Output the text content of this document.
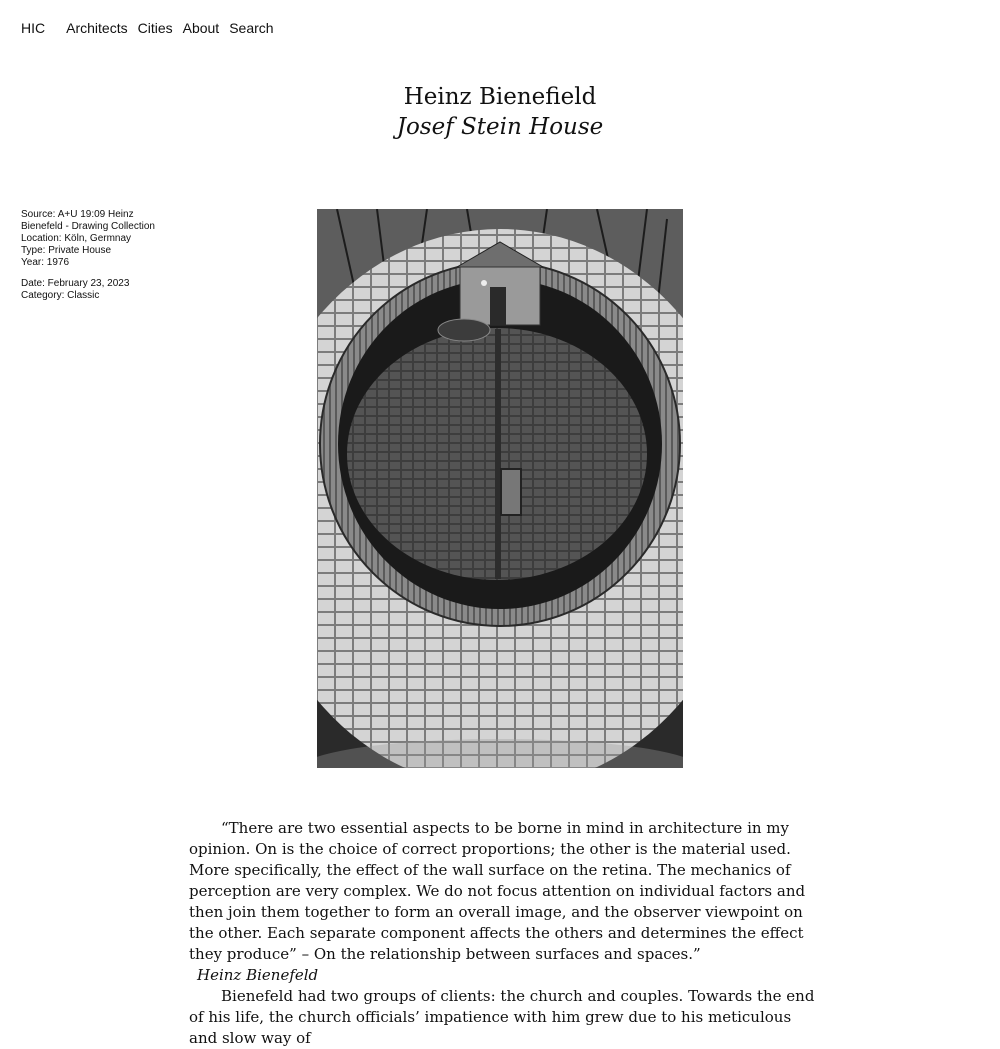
HIC Architects Cities About Search
Heinz Bienefield
Josef Stein House
Source: A+U 19:09 Heinz Bienefeld - Drawing Collection
Location: Köln, Germnay
Type: Private House
Year: 1976
Date: February 23, 2023
Category: Classic

“There are two essential aspects to be borne in mind in architecture in my opinion. On is the choice of correct proportions; the other is the material used. More specifically, the effect of the wall surface on the retina. The mechanics of perception are very complex. We do not focus attention on individual factors and then join them together to form an overall image, and the observer viewpoint on the other. Each separate component affects the others and determines the effect they produce” – On the relationship between surfaces and spaces.”

Heinz Bienefeld

Bienefeld had two groups of clients: the church and couples. Towards the end of his life, the church officials’ impatience with him grew due to his meticulous and slow way of
